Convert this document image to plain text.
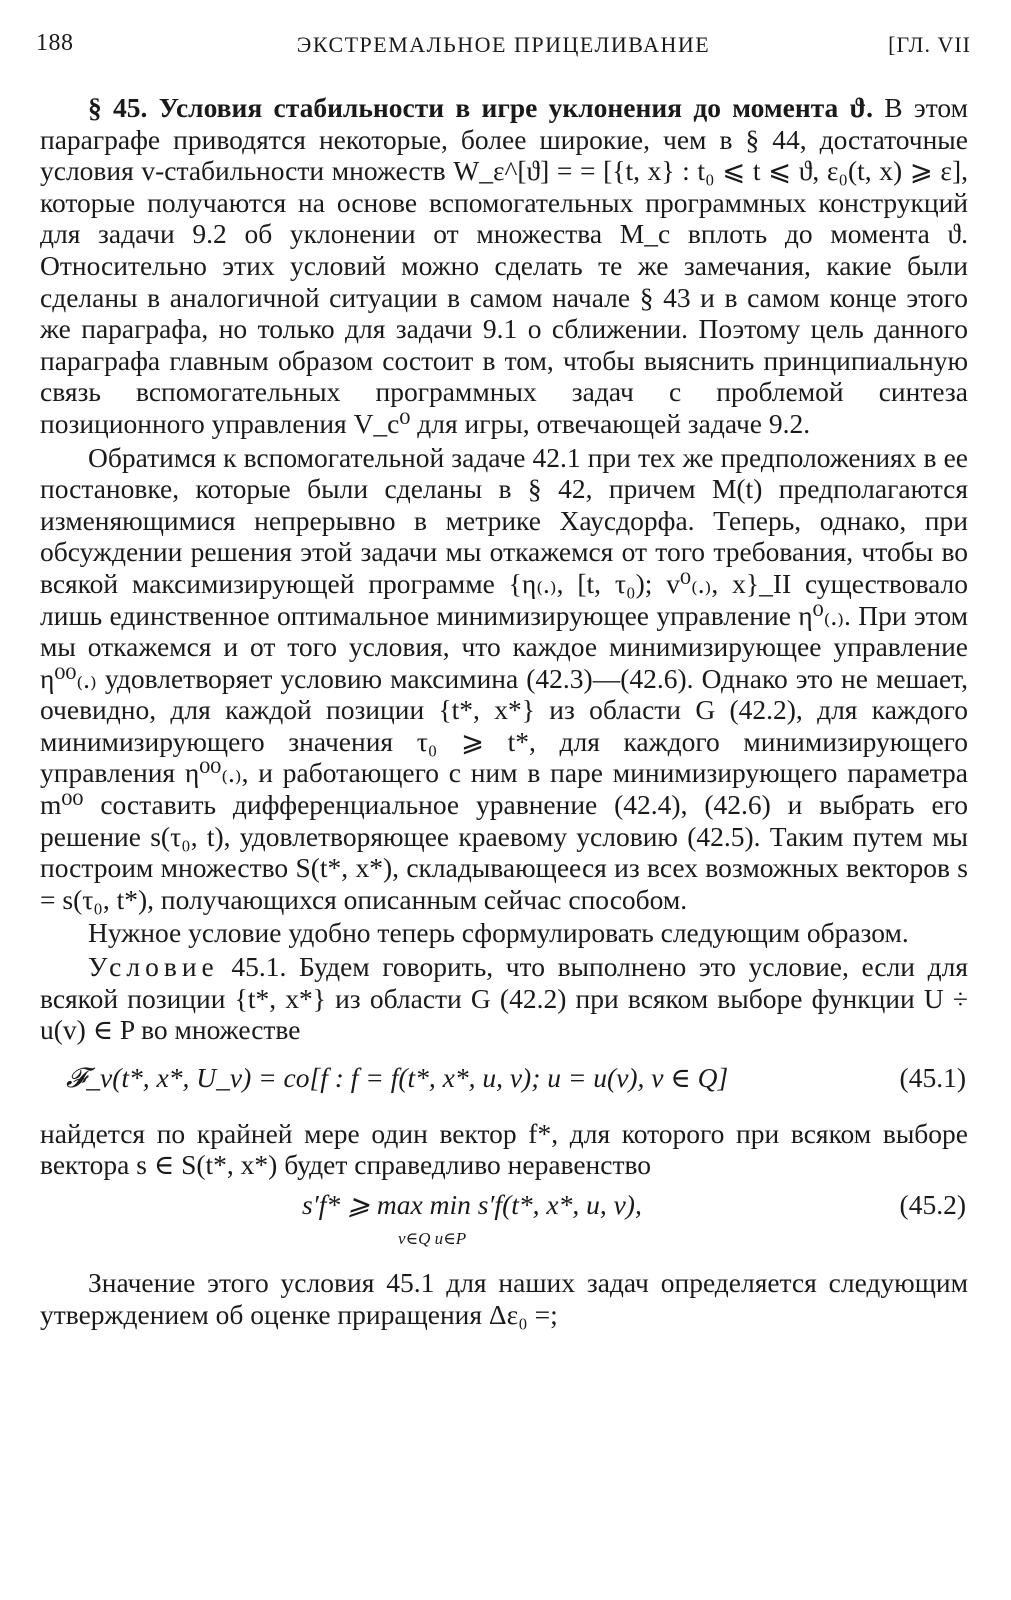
188	ЭКСТРЕМАЛЬНОЕ ПРИЦЕЛИВАНИЕ	[ГЛ. VII

§ 45. Условия стабильности в игре уклонения до момента ϑ. В этом параграфе приводятся некоторые, более широкие, чем в § 44, достаточные условия v-стабильности множеств W_ε^[ϑ] = = [{t, x} : t₀ ⩽ t ⩽ ϑ, ε₀(t, x) ⩾ ε], которые получаются на основе вспомогательных программных конструкций для задачи 9.2 об уклонении от множества M_c вплоть до момента ϑ. Относительно этих условий можно сделать те же замечания, какие были сделаны в аналогичной ситуации в самом начале § 43 и в самом конце этого же параграфа, но только для задачи 9.1 о сближении. Поэтому цель данного параграфа главным образом состоит в том, чтобы выяснить принципиальную связь вспомогательных программных задач с проблемой синтеза позиционного управления V_c⁰ для игры, отвечающей задаче 9.2.

Обратимся к вспомогательной задаче 42.1 при тех же предположениях в ее постановке, которые были сделаны в § 42, причем M(t) предполагаются изменяющимися непрерывно в метрике Хаусдорфа. Теперь, однако, при обсуждении решения этой задачи мы откажемся от того требования, чтобы во всякой максимизирующей программе {η₍.₎, [t, τ₀); v⁰₍.₎, x}_II существовало лишь единственное оптимальное минимизирующее управление η⁰₍.₎. При этом мы откажемся и от того условия, что каждое минимизирующее управление η⁰⁰₍.₎ удовлетворяет условию максимина (42.3)—(42.6). Однако это не мешает, очевидно, для каждой позиции {t*, x*} из области G (42.2), для каждого минимизирующего значения τ₀ ⩾ t*, для каждого минимизирующего управления η⁰⁰₍.₎, и работающего с ним в паре минимизирующего параметра m⁰⁰ составить дифференциальное уравнение (42.4), (42.6) и выбрать его решение s(τ₀, t), удовлетворяющее краевому условию (42.5). Таким путем мы построим множество S(t*, x*), складывающееся из всех возможных векторов s = s(τ₀, t*), получающихся описанным сейчас способом.

Нужное условие удобно теперь сформулировать следующим образом.

Условие 45.1. Будем говорить, что выполнено это условие, если для всякой позиции {t*, x*} из области G (42.2) при всяком выборе функции U ÷ u(v) ∈ P во множестве

𝓕_v(t*, x*, U_v) = co[f : f = f(t*, x*, u, v); u = u(v), v ∈ Q]	(45.1)

найдется по крайней мере один вектор f*, для которого при всяком выборе вектора s ∈ S(t*, x*) будет справедливо неравенство

s′f* ⩾ max min s′f(t*, x*, u, v),
v∈Q u∈P
(45.2)

Значение этого условия 45.1 для наших задач определяется следующим утверждением об оценке приращения Δε₀ =;
